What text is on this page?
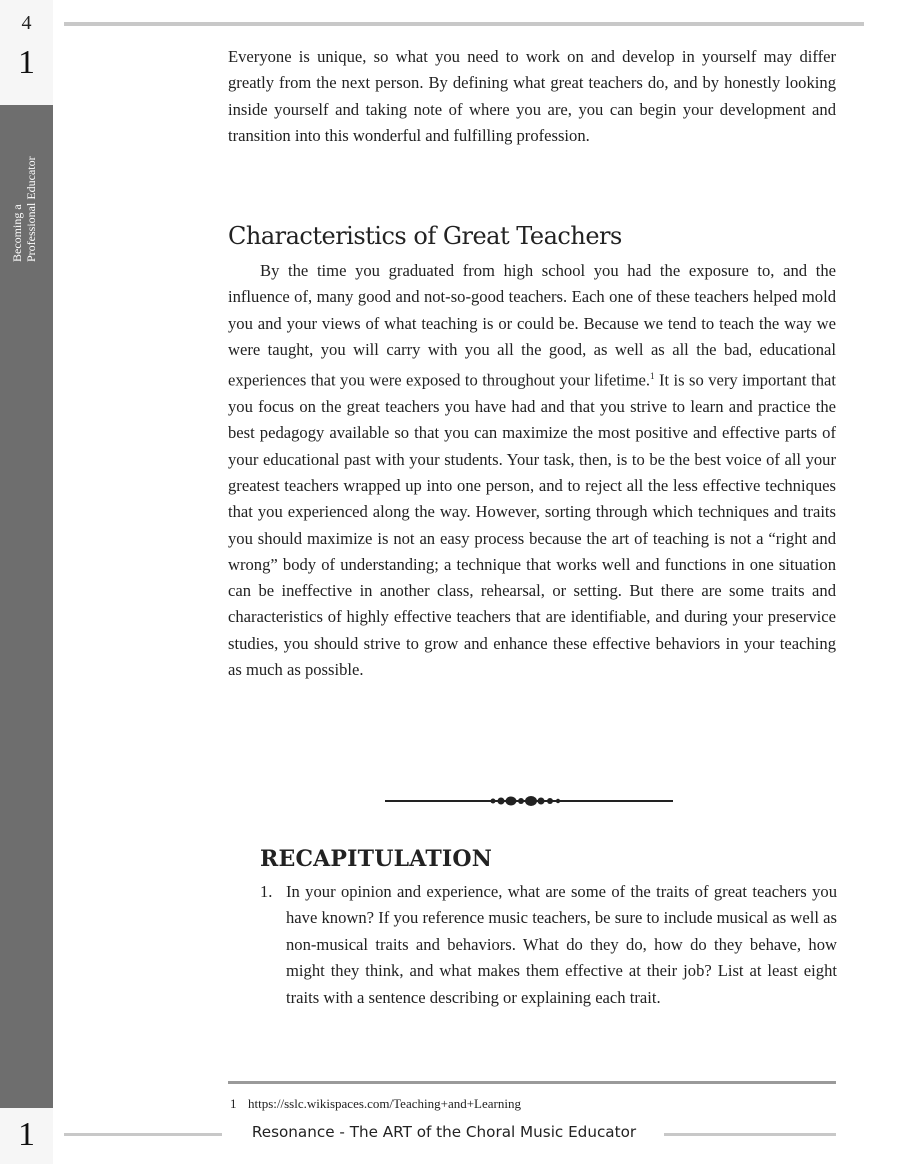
4
1
Becoming a Professional Educator
1

Everyone is unique, so what you need to work on and develop in yourself may differ greatly from the next person. By defining what great teachers do, and by honestly looking inside yourself and taking note of where you are, you can begin your development and transition into this wonderful and fulfilling profession.

Characteristics of Great Teachers

By the time you graduated from high school you had the exposure to, and the influence of, many good and not-so-good teachers. Each one of these teachers helped mold you and your views of what teaching is or could be. Because we tend to teach the way we were taught, you will carry with you all the good, as well as all the bad, educational experiences that you were exposed to throughout your lifetime.$^1$ It is so very important that you focus on the great teachers you have had and that you strive to learn and practice the best pedagogy available so that you can maximize the most positive and effective parts of your educational past with your students. Your task, then, is to be the best voice of all your greatest teachers wrapped up into one person, and to reject all the less effective techniques that you experienced along the way. However, sorting through which techniques and traits you should maximize is not an easy process because the art of teaching is not a “right and wrong” body of understanding; a technique that works well and functions in one situation can be ineffective in another class, rehearsal, or setting. But there are some traits and characteristics of highly effective teachers that are identifiable, and during your preservice studies, you should strive to grow and enhance these effective behaviors in your teaching as much as possible.

RECAPITULATION
1. In your opinion and experience, what are some of the traits of great teachers you have known? If you reference music teachers, be sure to include musical as well as non-musical traits and behaviors. What do they do, how do they behave, how might they think, and what makes them effective at their job? List at least eight traits with a sentence describing or explaining each trait.
1 https://sslc.wikispaces.com/Teaching+and+Learning
Resonance - The ART of the Choral Music Educator
